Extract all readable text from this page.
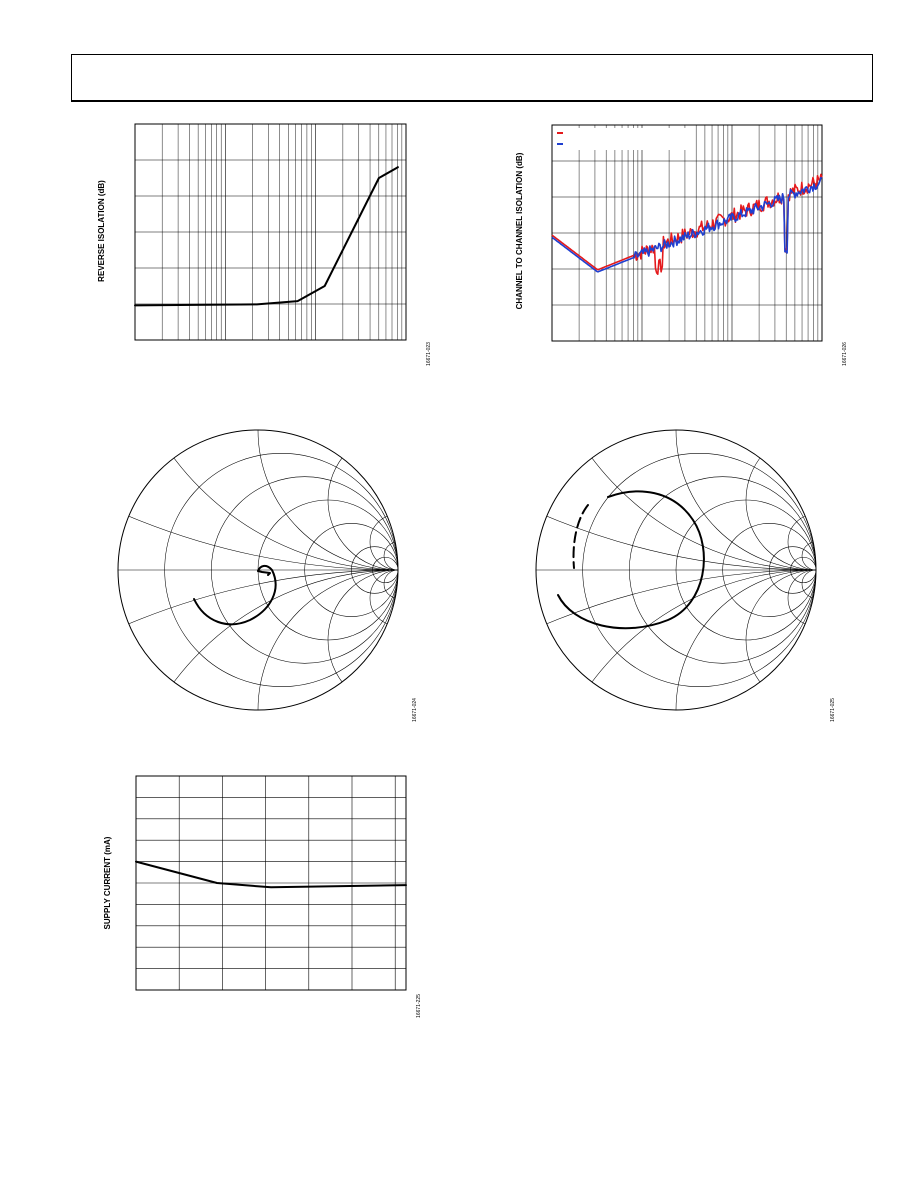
REVERSE ISOLATION (dB)
16671-023
CHANNEL TO CHANNEL ISOLATION (dB)
16671-026
16671-024	16671-025
SUPPLY CURRENT (mA)
16671-225
